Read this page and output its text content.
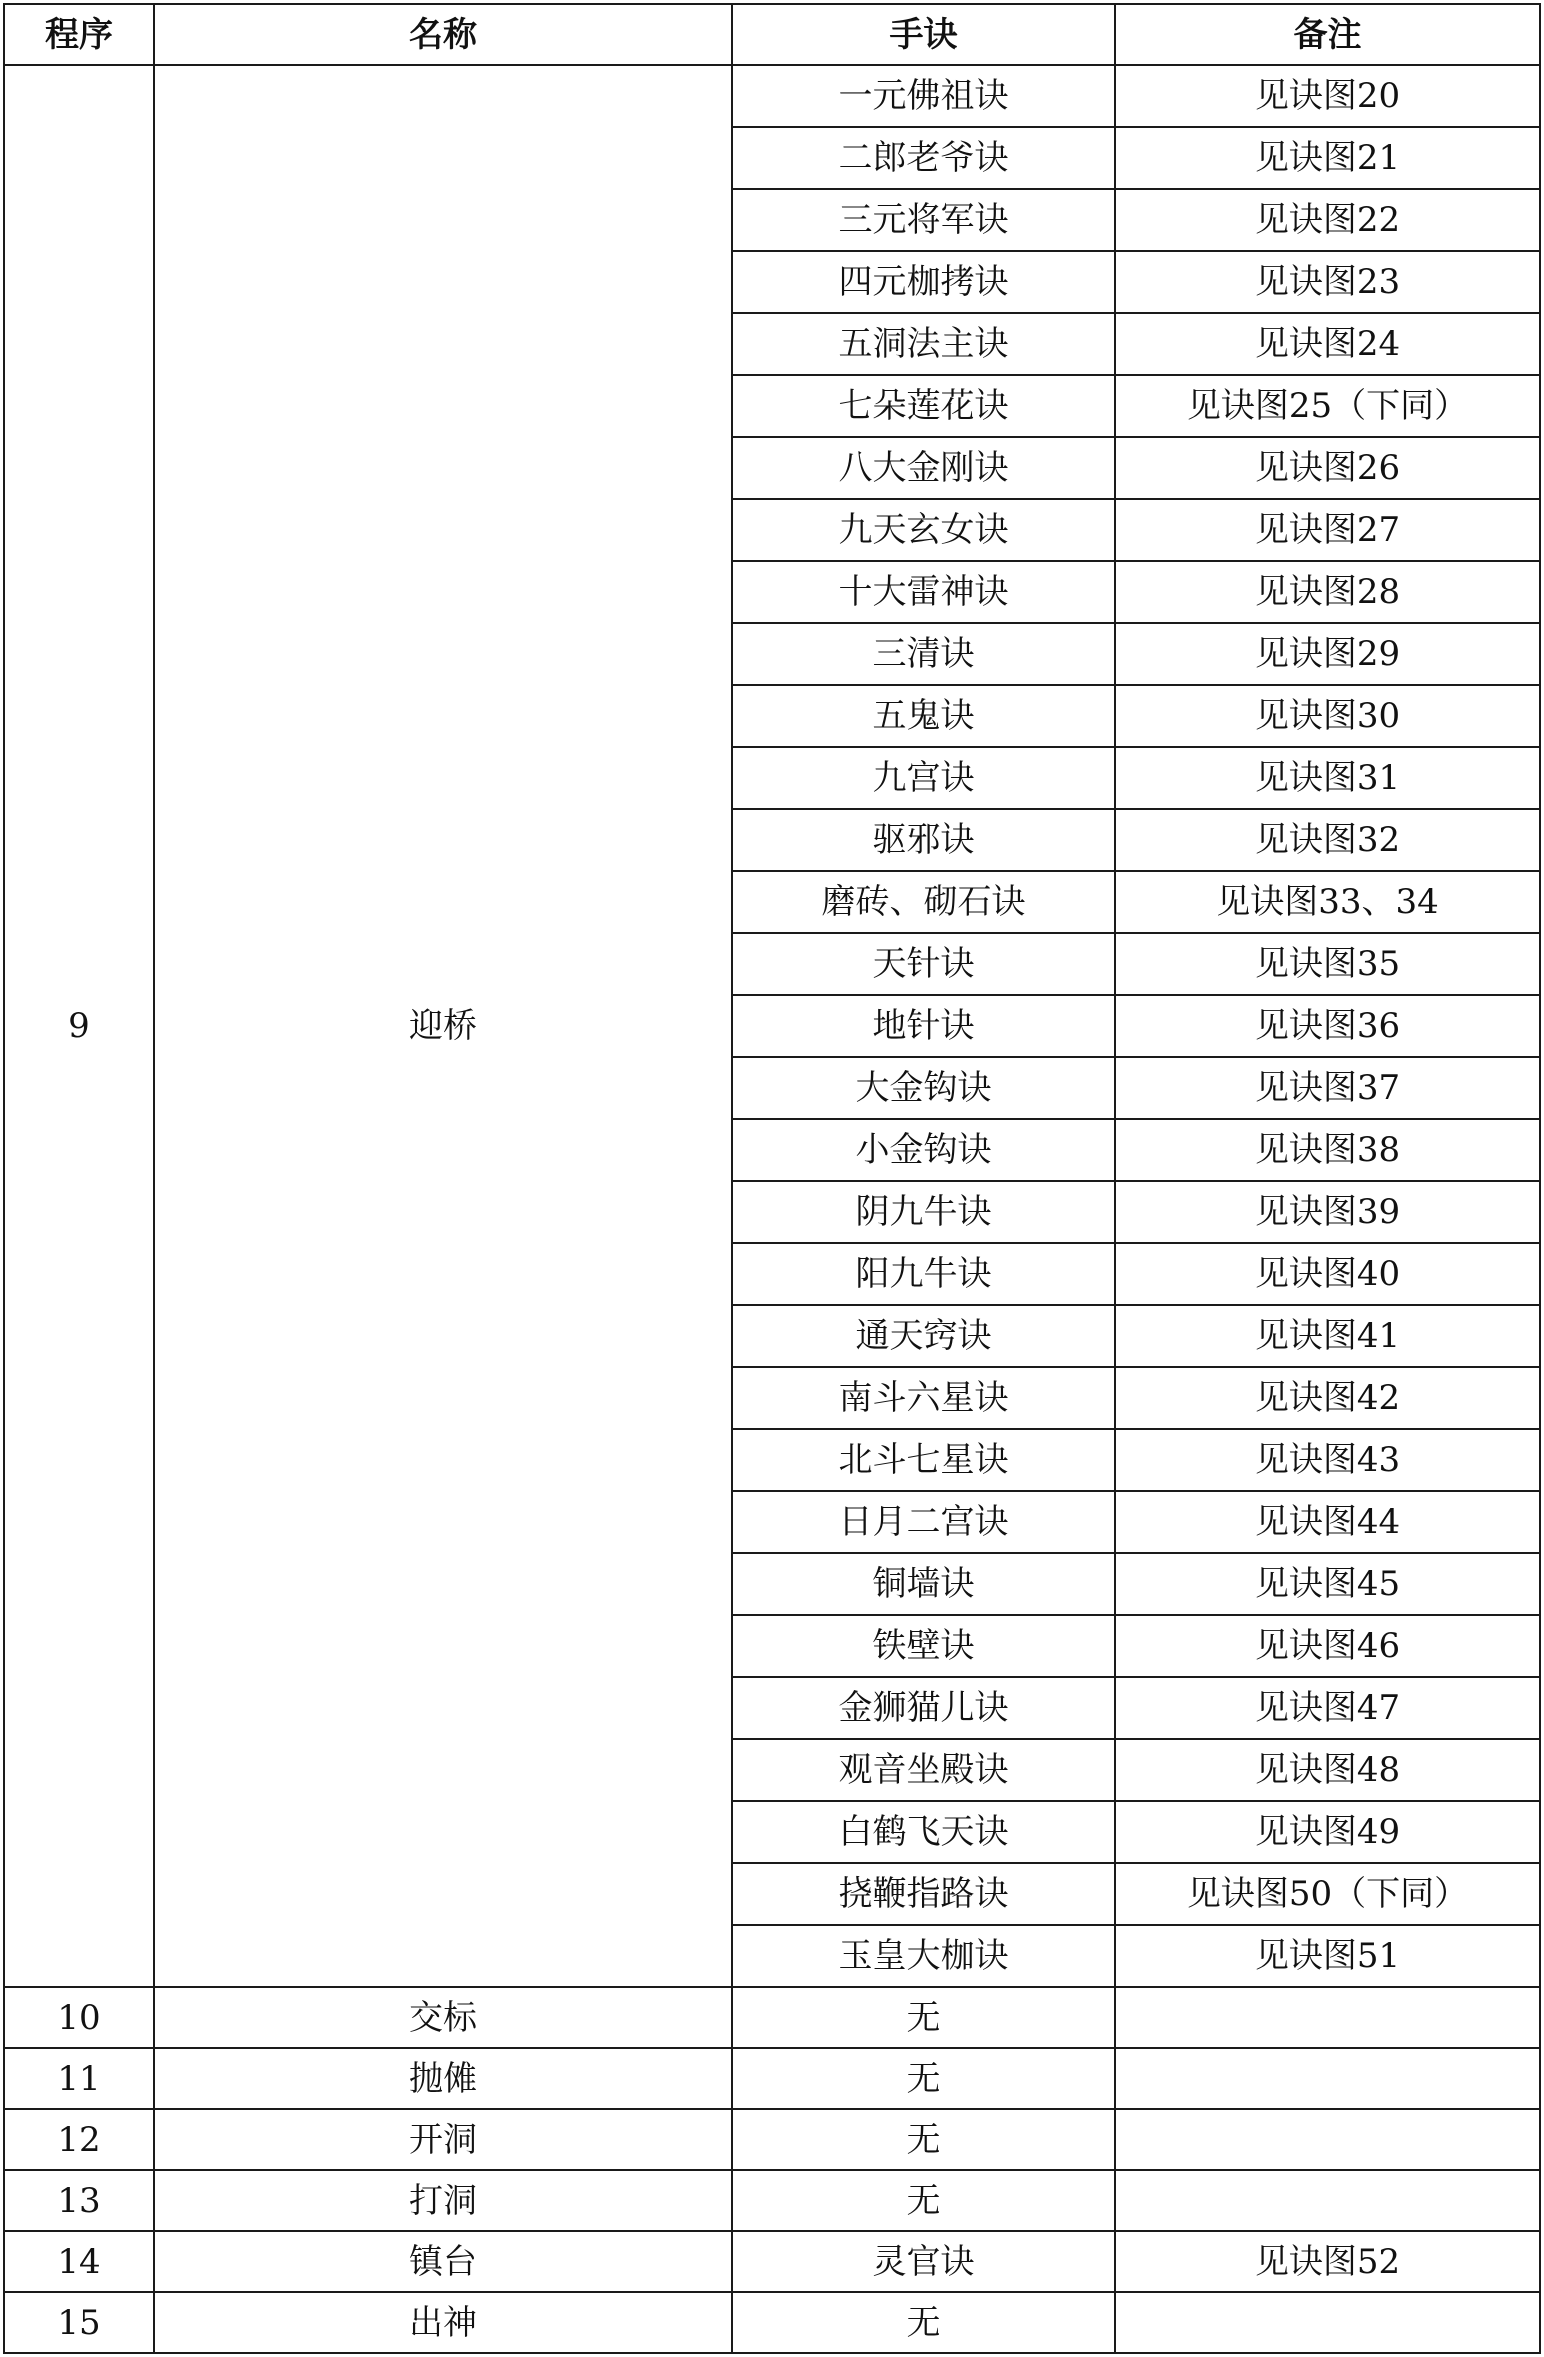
程序	名称	手诀	备注
9	迎桥	一元佛祖诀	见诀图20
		二郎老爷诀	见诀图21
		三元将军诀	见诀图22
		四元枷拷诀	见诀图23
		五洞法主诀	见诀图24
		七朵莲花诀	见诀图25（下同）
		八大金刚诀	见诀图26
		九天玄女诀	见诀图27
		十大雷神诀	见诀图28
		三清诀	见诀图29
		五鬼诀	见诀图30
		九宫诀	见诀图31
		驱邪诀	见诀图32
		磨砖、砌石诀	见诀图33、34
		天针诀	见诀图35
		地针诀	见诀图36
		大金钩诀	见诀图37
		小金钩诀	见诀图38
		阴九牛诀	见诀图39
		阳九牛诀	见诀图40
		通天窍诀	见诀图41
		南斗六星诀	见诀图42
		北斗七星诀	见诀图43
		日月二宫诀	见诀图44
		铜墙诀	见诀图45
		铁壁诀	见诀图46
		金狮猫儿诀	见诀图47
		观音坐殿诀	见诀图48
		白鹤飞天诀	见诀图49
		挠鞭指路诀	见诀图50（下同）
		玉皇大枷诀	见诀图51
10	交标	无	
11	抛傩	无	
12	开洞	无	
13	打洞	无	
14	镇台	灵官诀	见诀图52
15	出神	无	
